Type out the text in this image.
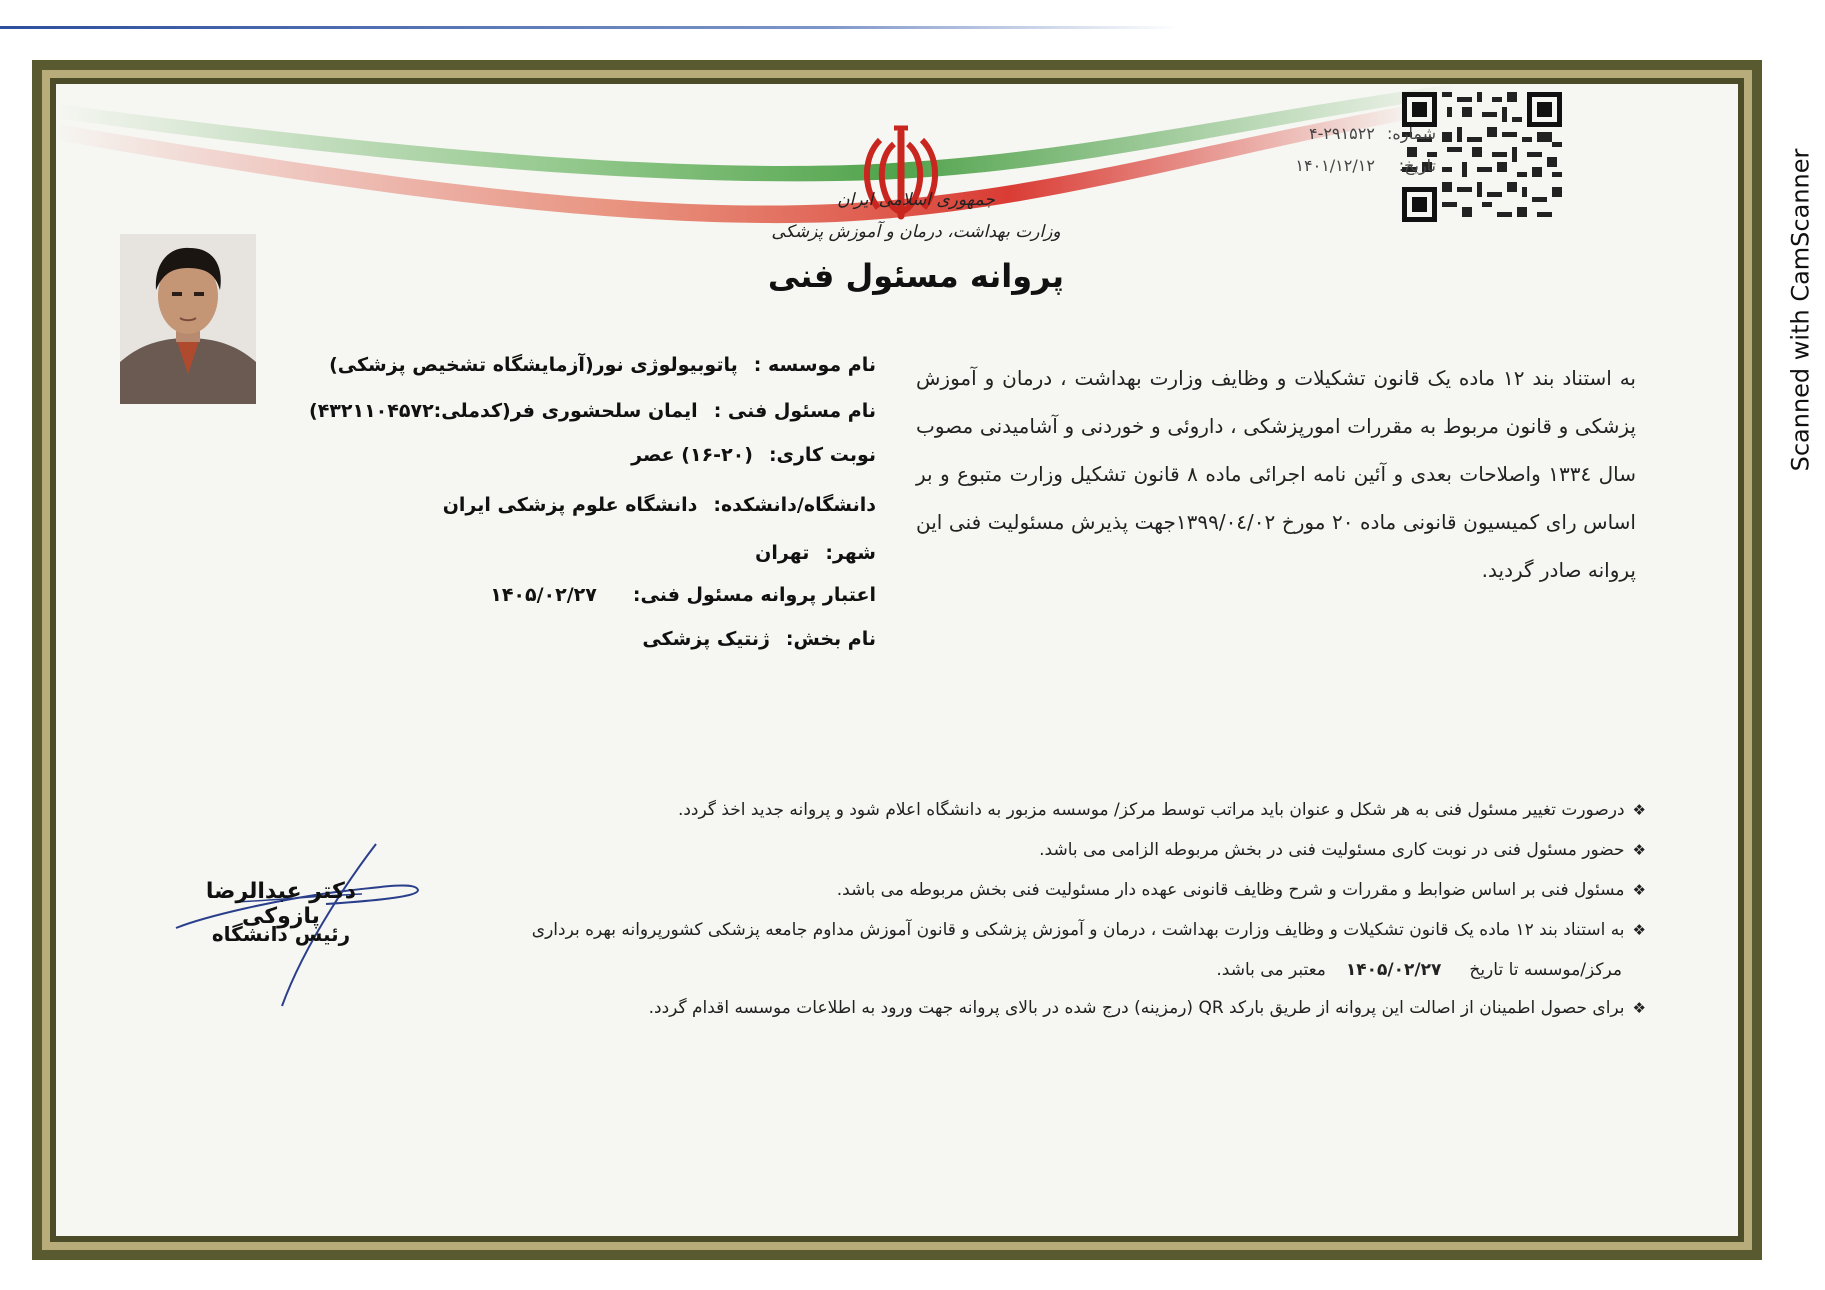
Scanned with CamScanner
جمهوری اسلامی ایران
وزارت بهداشت، درمان و آموزش پزشکی
پروانه مسئول فنی
شماره: ۴-۲۹۱۵۲۲
تاریخ: ۱۴۰۱/۱۲/۱۲
به استناد بند ۱۲ ماده یک قانون تشکیلات و وظایف وزارت بهداشت ، درمان و آموزش پزشکی و قانون مربوط به مقررات امورپزشکی ، داروئی و خوردنی و آشامیدنی مصوب سال ۱۳۳٤ واصلاحات بعدی و آئین نامه اجرائی ماده ۸ قانون تشکیل وزارت متبوع و بر اساس رای کمیسیون قانونی ماده ۲۰ مورخ ۱۳۹۹/۰٤/۰۲جهت پذیرش مسئولیت فنی این پروانه صادر گردید.
نام موسسه :پاتوبیولوژی نور(آزمایشگاه تشخیص پزشکی)
نام مسئول فنی :ایمان سلحشوری فر(کدملی:۴۳۲۱۱۰۴۵۷۲)
نوبت کاری:(۲۰-۱۶) عصر
دانشگاه/دانشکده:دانشگاه علوم پزشکی ایران
شهر:تهران
اعتبار پروانه مسئول فنی:۱۴۰۵/۰۲/۲۷
نام بخش:ژنتیک پزشکی
❖درصورت تغییر مسئول فنی به هر شکل و عنوان باید مراتب توسط مرکز/ موسسه مزبور به دانشگاه اعلام شود و پروانه جدید اخذ گردد.
❖حضور مسئول فنی در نوبت کاری مسئولیت فنی در بخش مربوطه الزامی می باشد.
❖مسئول فنی بر اساس ضوابط و مقررات و شرح وظایف قانونی عهده دار مسئولیت فنی بخش مربوطه می باشد.
❖به استناد بند ۱۲ ماده یک قانون تشکیلات و وظایف وزارت بهداشت ، درمان و آموزش پزشکی و قانون آموزش مداوم جامعه پزشکی کشورپروانه بهره برداری
مرکز/موسسه تا تاریخ۱۴۰۵/۰۲/۲۷معتبر می باشد.
❖برای حصول اطمینان از اصالت این پروانه از طریق بارکد QR (رمزینه) درج شده در بالای پروانه جهت ورود به اطلاعات موسسه اقدام گردد.
دکتر عبدالرضا پازوکی
رئیس دانشگاه
